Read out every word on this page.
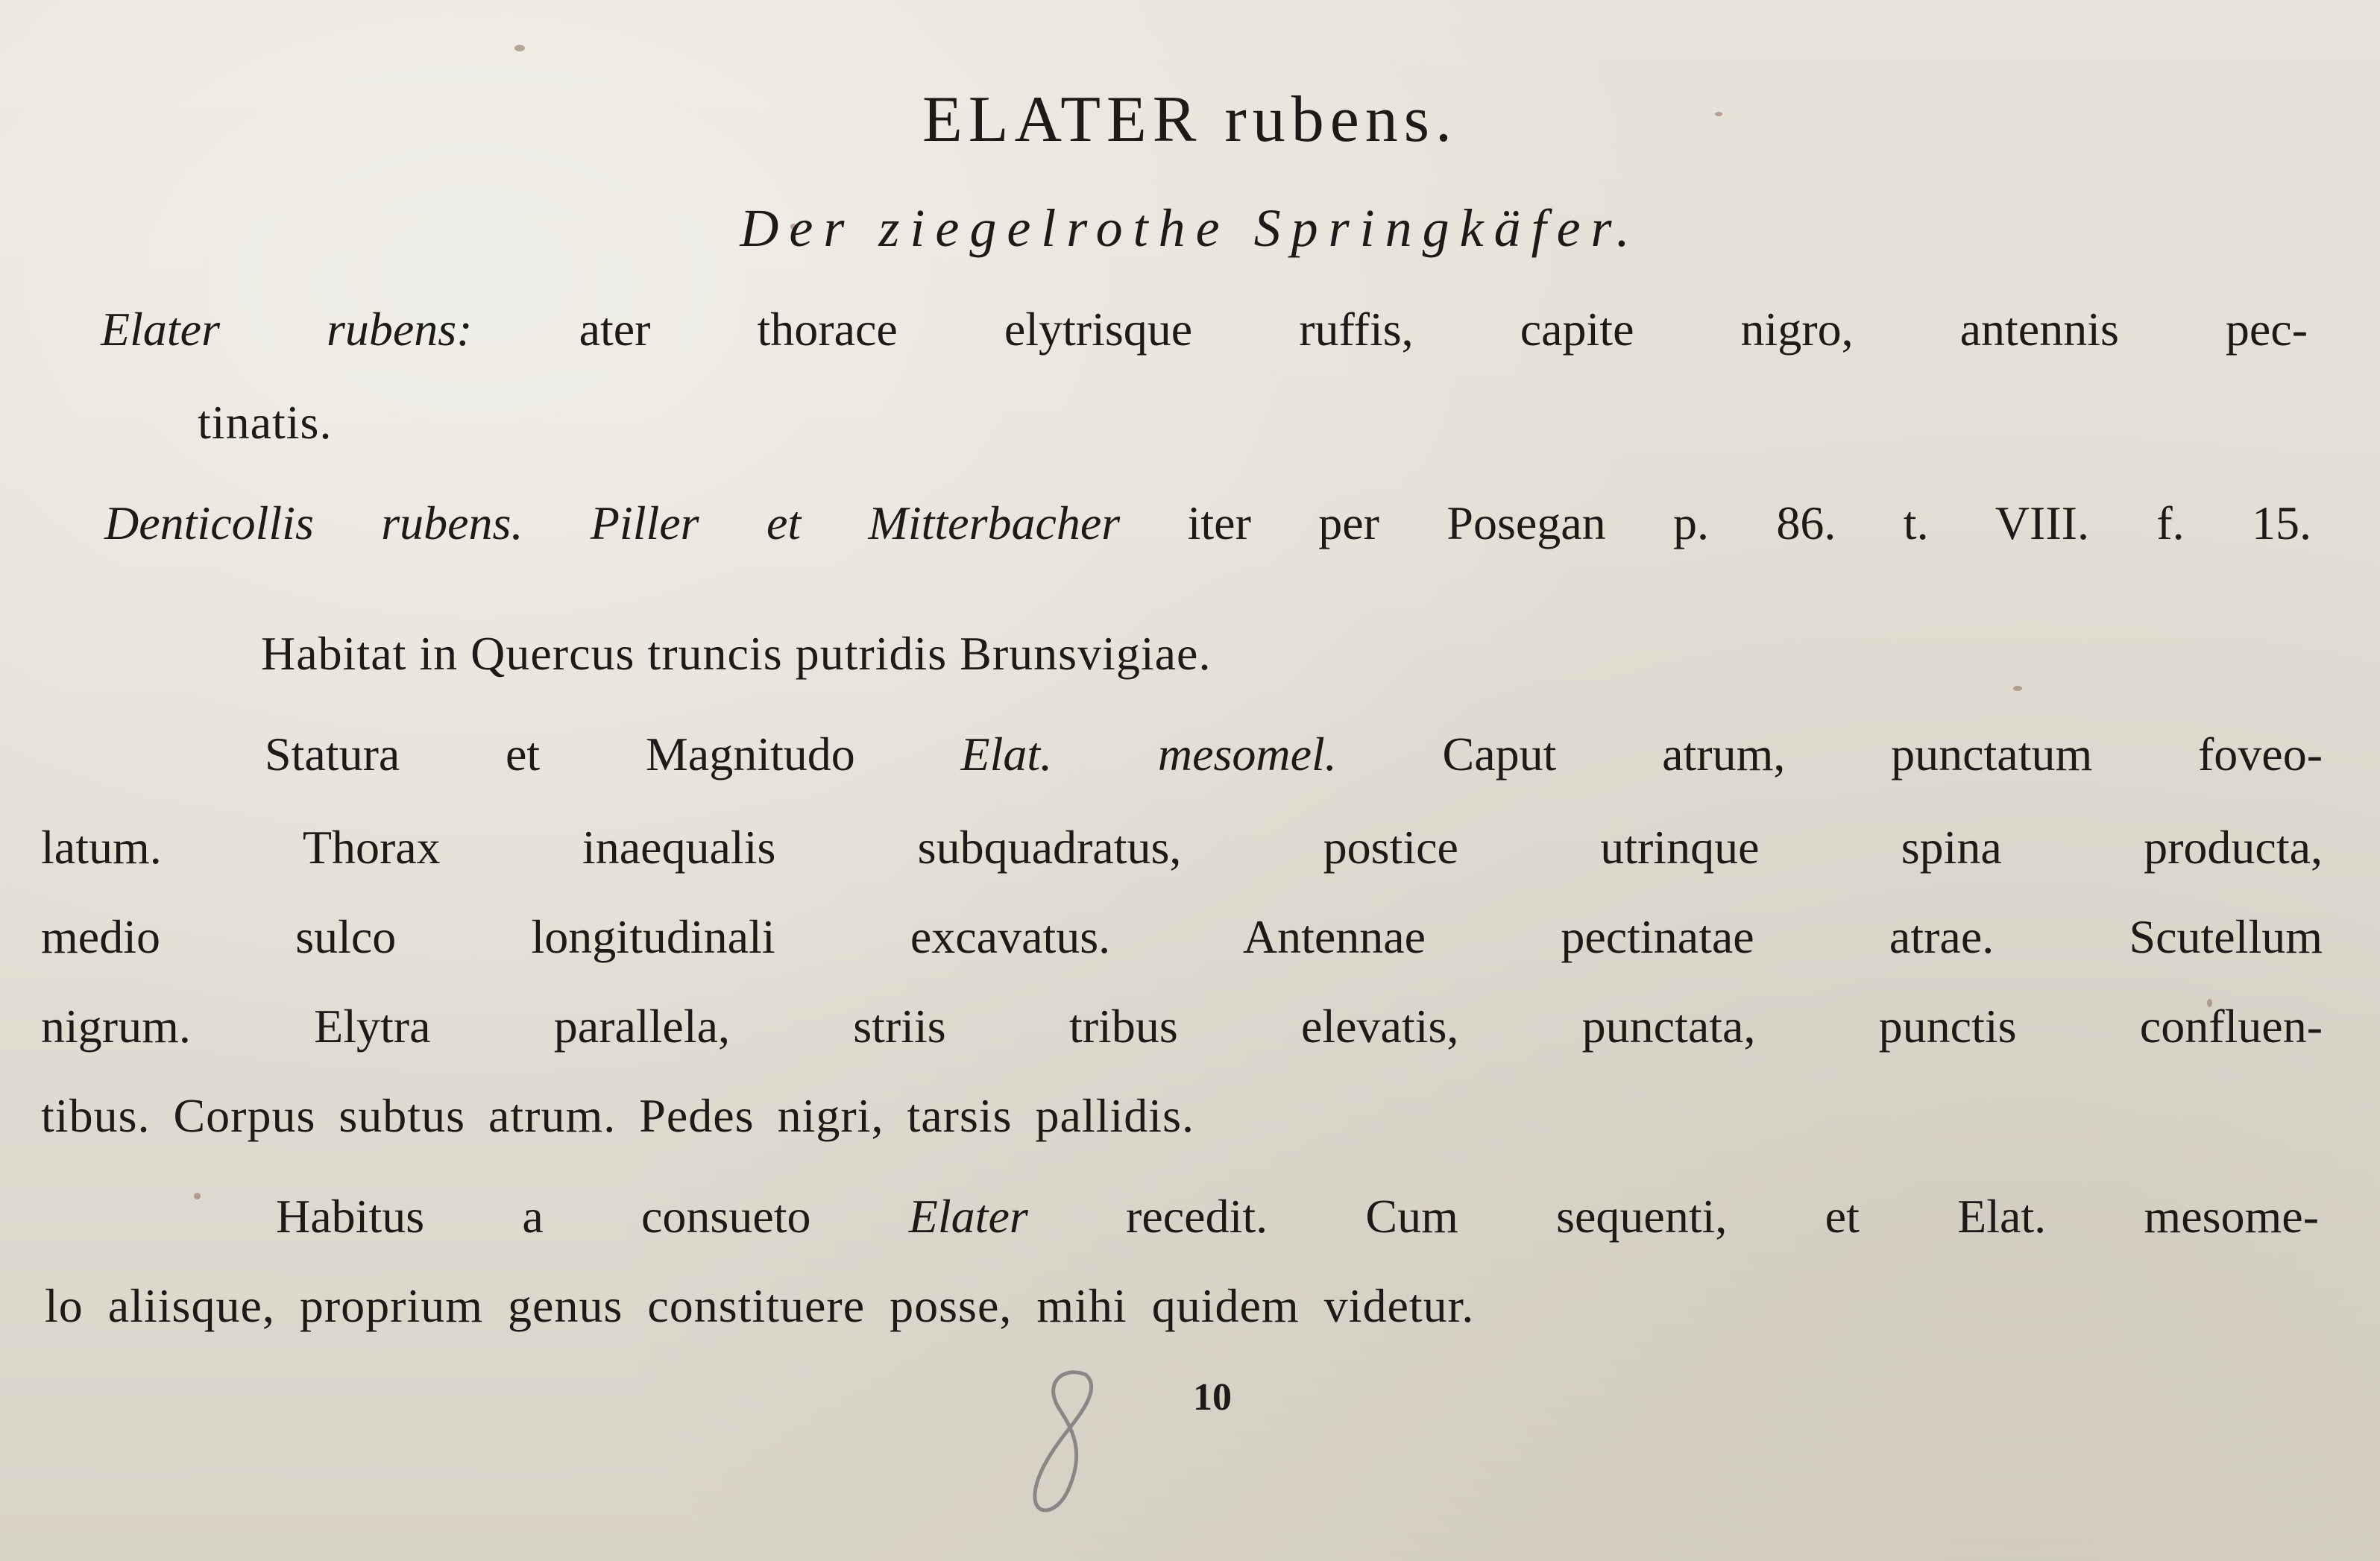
ELATER rubens.
Der ziegelrothe Springkäfer.
Elater rubens: ater thorace elytrisque ruffis, capite nigro, antennis pec-
tinatis.
Denticollis rubens. Piller et Mitterbacher iter per Posegan p. 86. t. VIII. f. 15.
Habitat in Quercus truncis putridis Brunsvigiae.
Statura et Magnitudo Elat. mesomel. Caput atrum, punctatum foveo-
latum. Thorax inaequalis subquadratus, postice utrinque spina producta,
medio sulco longitudinali excavatus. Antennae pectinatae atrae. Scutellum
nigrum. Elytra parallela, striis tribus elevatis, punctata, punctis confluen-
tibus. Corpus subtus atrum. Pedes nigri, tarsis pallidis.
Habitus a consueto Elater recedit. Cum sequenti, et Elat. mesome-
lo aliisque, proprium genus constituere posse, mihi quidem videtur.
10
